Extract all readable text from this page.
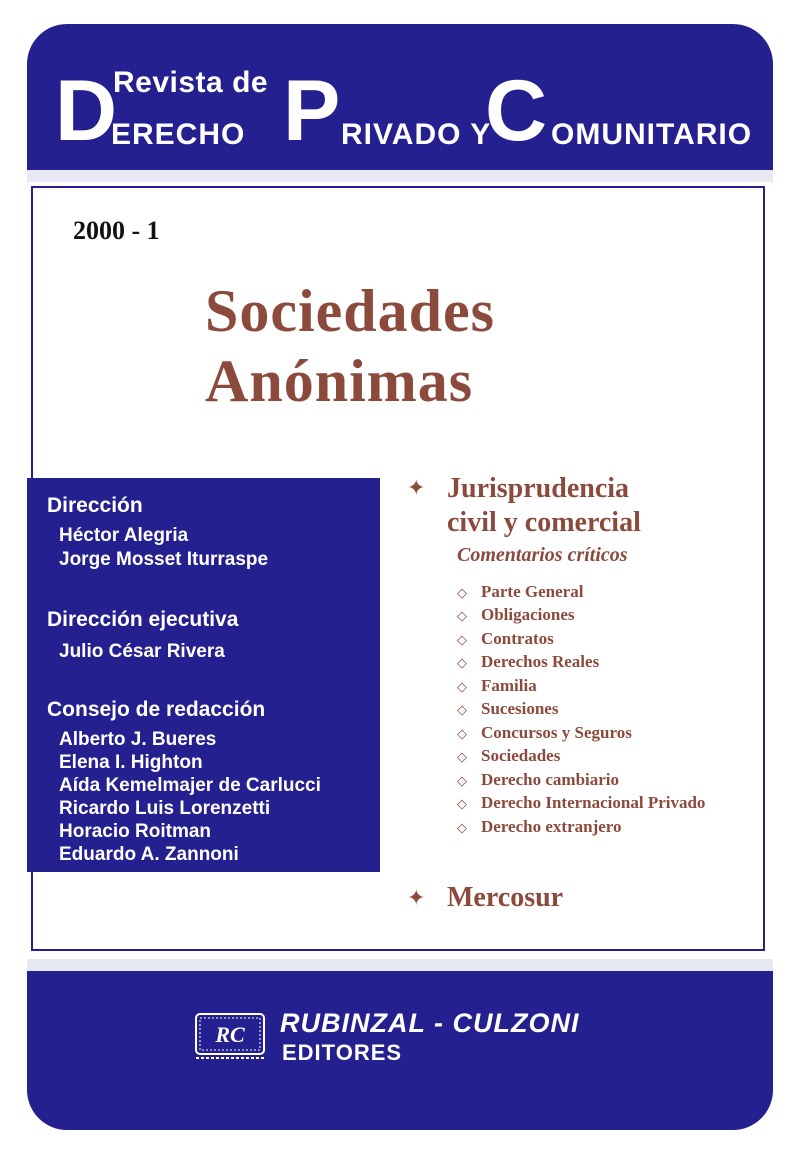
Revista de
D
ERECHO P RIVADO Y
C OMUNITARIO
2000 - 1
Sociedades
Anónimas
Dirección
Héctor Alegria
Jorge Mosset Iturraspe
Dirección ejecutiva
Julio César Rivera
Consejo de redacción
Alberto J. Bueres
Elena I. Highton
Aída Kemelmajer de Carlucci
Ricardo Luis Lorenzetti
Horacio Roitman
Eduardo A. Zannoni
✦ Jurisprudencia
civil y comercial
Comentarios críticos
◇ Parte General
◇ Obligaciones
◇ Contratos
◇ Derechos Reales
◇ Familia
◇ Sucesiones
◇ Concursos y Seguros
◇ Sociedades
◇ Derecho cambiario
◇ Derecho Internacional Privado
◇ Derecho extranjero
✦ Mercosur
RC RUBINZAL - CULZONI
EDITORES
